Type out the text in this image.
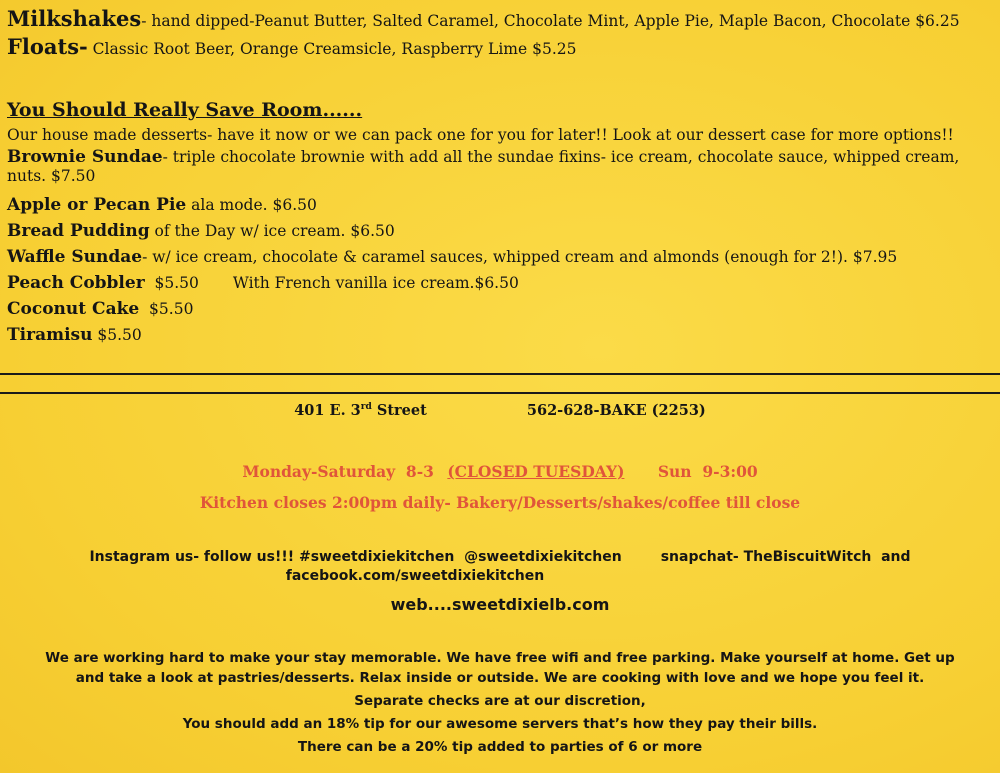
Milkshakes- hand dipped-Peanut Butter, Salted Caramel, Chocolate Mint, Apple Pie, Maple Bacon, Chocolate $6.25
Floats- Classic Root Beer, Orange Creamsicle, Raspberry Lime $5.25
You Should Really Save Room......
Our house made desserts- have it now or we can pack one for you for later!! Look at our dessert case for more options!!
Brownie Sundae- triple chocolate brownie with add all the sundae fixins- ice cream, chocolate sauce, whipped cream, nuts. $7.50
Apple or Pecan Pie ala mode. $6.50
Bread Pudding of the Day w/ ice cream. $6.50
Waffle Sundae- w/ ice cream, chocolate & caramel sauces, whipped cream and almonds (enough for 2!). $7.95
Peach Cobbler  $5.50 With French vanilla ice cream.$6.50
Coconut Cake  $5.50
Tiramisu $5.50
401 E. 3rd Street	562-628-BAKE (2253)
Monday-Saturday  8-3 (CLOSED TUESDAY) Sun  9-3:00
Kitchen closes 2:00pm daily- Bakery/Desserts/shakes/coffee till close
Instagram us- follow us!!! #sweetdixiekitchen  @sweetdixiekitchen        snapchat- TheBiscuitWitch  and
facebook.com/sweetdixiekitchen
web....sweetdixielb.com
We are working hard to make your stay memorable. We have free wifi and free parking. Make yourself at home. Get up
and take a look at pastries/desserts. Relax inside or outside. We are cooking with love and we hope you feel it.
Separate checks are at our discretion,
You should add an 18% tip for our awesome servers that’s how they pay their bills.
There can be a 20% tip added to parties of 6 or more
